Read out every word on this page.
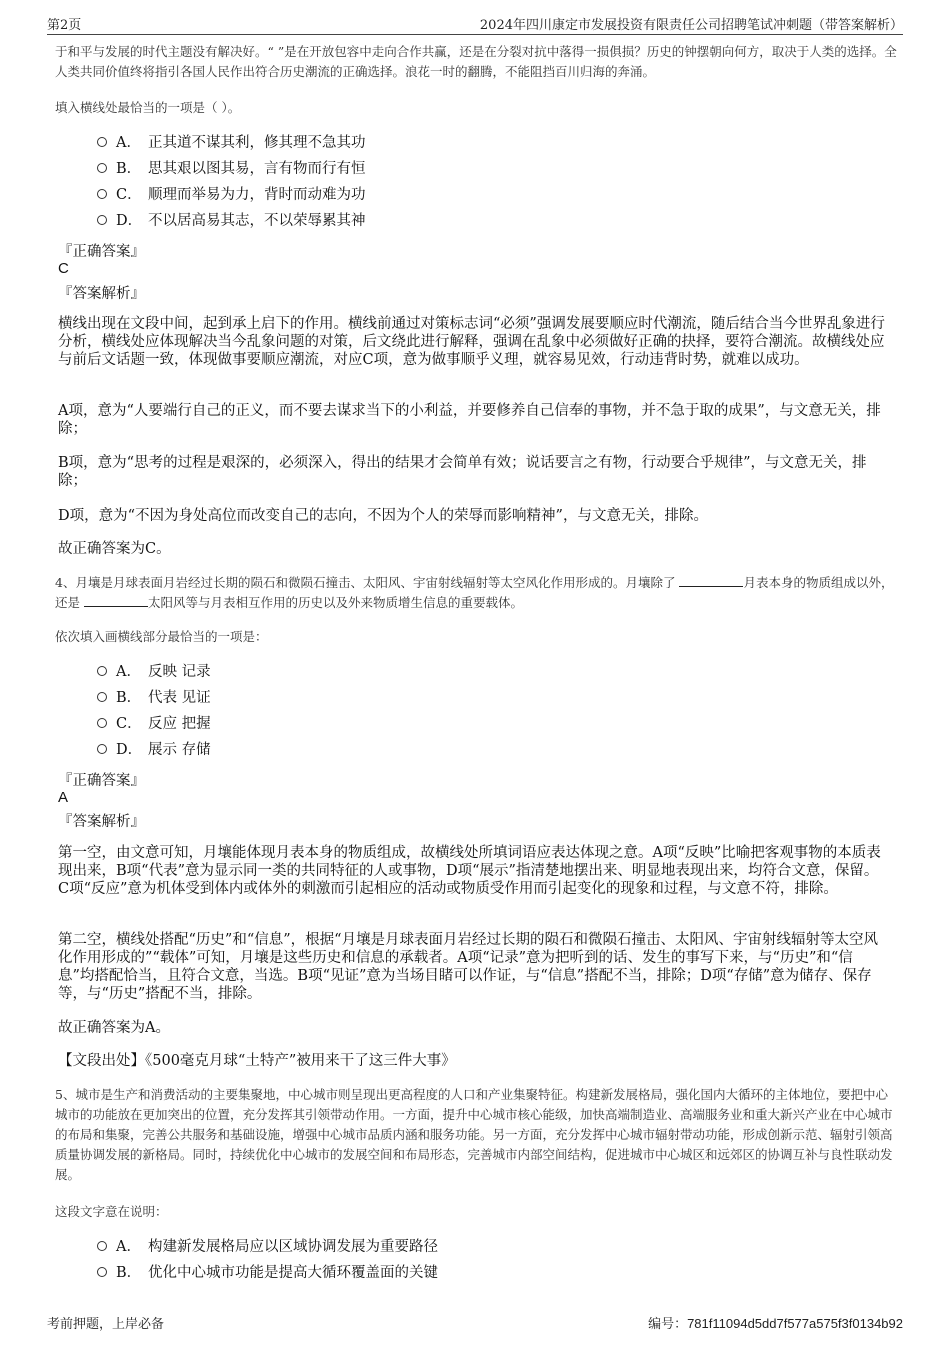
第2页	2024年四川康定市发展投资有限责任公司招聘笔试冲刺题（带答案解析）
于和平与发展的时代主题没有解决好。“ ”是在开放包容中走向合作共赢，还是在分裂对抗中落得一损俱损？历史的钟摆朝向何方，取决于人类的选择。全人类共同价值终将指引各国人民作出符合历史潮流的正确选择。浪花一时的翻腾，不能阻挡百川归海的奔涌。
填入横线处最恰当的一项是（ ）。
A． 正其道不谋其利，修其理不急其功
B． 思其艰以图其易，言有物而行有恒
C． 顺理而举易为力，背时而动难为功
D． 不以居高易其志，不以荣辱累其神
『正确答案』
C
『答案解析』
横线出现在文段中间，起到承上启下的作用。横线前通过对策标志词“必须”强调发展要顺应时代潮流，随后结合当今世界乱象进行分析，横线处应体现解决当今乱象问题的对策，后文绕此进行解释，强调在乱象中必须做好正确的抉择，要符合潮流。故横线处应与前后文话题一致，体现做事要顺应潮流，对应C项，意为做事顺乎义理，就容易见效，行动违背时势，就难以成功。
A项，意为“人要端行自己的正义，而不要去谋求当下的小利益，并要修养自己信奉的事物，并不急于取的成果”，与文意无关，排除；
B项，意为“思考的过程是艰深的，必须深入，得出的结果才会简单有效；说话要言之有物，行动要合乎规律”，与文意无关，排除；
D项，意为“不因为身处高位而改变自己的志向，不因为个人的荣辱而影响精神”，与文意无关，排除。
故正确答案为C。
4、月壤是月球表面月岩经过长期的陨石和微陨石撞击、太阳风、宇宙射线辐射等太空风化作用形成的。月壤除了	月表本身的物质组成以外，还是	太阳风等与月表相互作用的历史以及外来物质增生信息的重要载体。
依次填入画横线部分最恰当的一项是：
A． 反映 记录
B． 代表 见证
C． 反应 把握
D． 展示 存储
『正确答案』
A
『答案解析』
第一空，由文意可知，月壤能体现月表本身的物质组成，故横线处所填词语应表达体现之意。A项“反映”比喻把客观事物的本质表现出来，B项“代表”意为显示同一类的共同特征的人或事物，D项“展示”指清楚地摆出来、明显地表现出来，均符合文意，保留。C项“反应”意为机体受到体内或体外的刺激而引起相应的活动或物质受作用而引起变化的现象和过程，与文意不符，排除。
第二空，横线处搭配“历史”和“信息”，根据“月壤是月球表面月岩经过长期的陨石和微陨石撞击、太阳风、宇宙射线辐射等太空风化作用形成的”“载体”可知，月壤是这些历史和信息的承载者。A项“记录”意为把听到的话、发生的事写下来，与“历史”和“信息”均搭配恰当，且符合文意，当选。B项“见证”意为当场目睹可以作证，与“信息”搭配不当，排除；D项“存储”意为储存、保存等，与“历史”搭配不当，排除。
故正确答案为A。
【文段出处】《500毫克月球“土特产”被用来干了这三件大事》
5、城市是生产和消费活动的主要集聚地，中心城市则呈现出更高程度的人口和产业集聚特征。构建新发展格局，强化国内大循环的主体地位，要把中心城市的功能放在更加突出的位置，充分发挥其引领带动作用。一方面，提升中心城市核心能级，加快高端制造业、高端服务业和重大新兴产业在中心城市的布局和集聚，完善公共服务和基础设施，增强中心城市品质内涵和服务功能。另一方面，充分发挥中心城市辐射带动功能，形成创新示范、辐射引领高质量协调发展的新格局。同时，持续优化中心城市的发展空间和布局形态，完善城市内部空间结构，促进城市中心城区和远郊区的协调互补与良性联动发展。
这段文字意在说明：
A． 构建新发展格局应以区域协调发展为重要路径
B． 优化中心城市功能是提高大循环覆盖面的关键
考前押题，上岸必备	编号：781f11094d5dd7f577a575f3f0134b92
